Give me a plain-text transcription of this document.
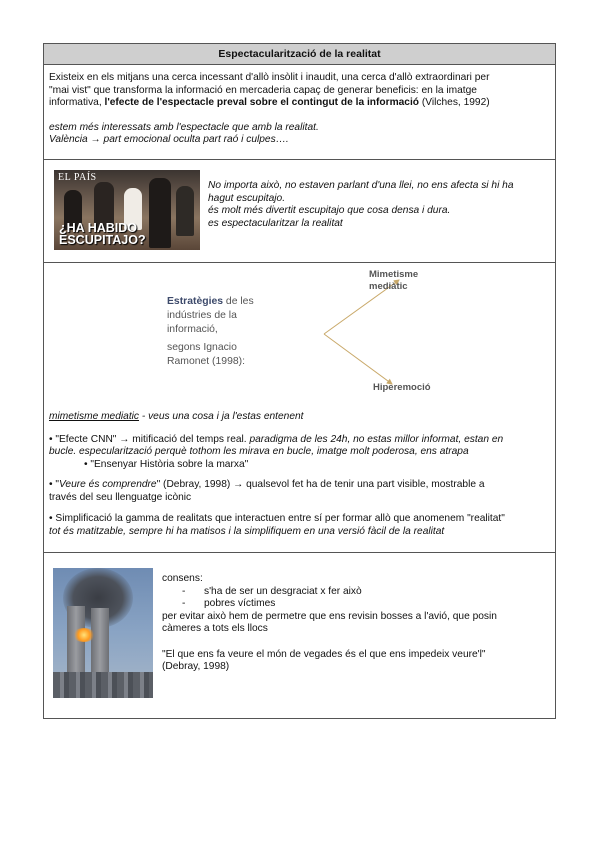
Espectacularització de la realitat

Existeix en els mitjans una cerca incessant d'allò insòlit i inaudit, una cerca d'allò extraordinari per

"mai vist" que transforma la informació en mercaderia capaç de generar beneficis: en la imatge

informativa, l'efecte de l'espectacle preval sobre el contingut de la informació (Vilches, 1992)

estem més interessats amb l'espectacle que amb la realitat.

València → part emocional oculta part raó i culpes….

EL PAÍS
¿HA HABIDO
ESCUPITAJO?

No importa això, no estaven parlant d'una llei, no ens afecta si hi ha

hagut escupitajo.

és molt més divertit escupitajo que cosa densa i dura.

es espectacularitzar la realitat

Estratègies de les
indústries de la
informació,
segons Ignacio
Ramonet (1998):
Mimetisme
mediàtic
Hiperemoció

mimetisme mediatic - veus una cosa i ja l'estas entenent

• "Efecte CNN" → mitificació del temps real. paradigma de les 24h, no estas millor informat, estan en

bucle. especularització perquè tothom les mirava en bucle, imatge molt poderosa, ens atrapa

• "Ensenyar Història sobre la marxa"

• "Veure és comprendre" (Debray, 1998) → qualsevol fet ha de tenir una part visible, mostrable a

través del seu llenguatge icònic

• Simplificació la gamma de realitats que interactuen entre sí per formar allò que anomenem "realitat"

tot és matitzable, sempre hi ha matisos i la simplifiquem en una versió fàcil de la realitat

consens:

- s'ha de ser un desgraciat x fer això

- pobres víctimes

per evitar això hem de permetre que ens revisin bosses a l'avió, que posin

càmeres a tots els llocs

"El que ens fa veure el món de vegades és el que ens impedeix veure'l"

(Debray, 1998)
